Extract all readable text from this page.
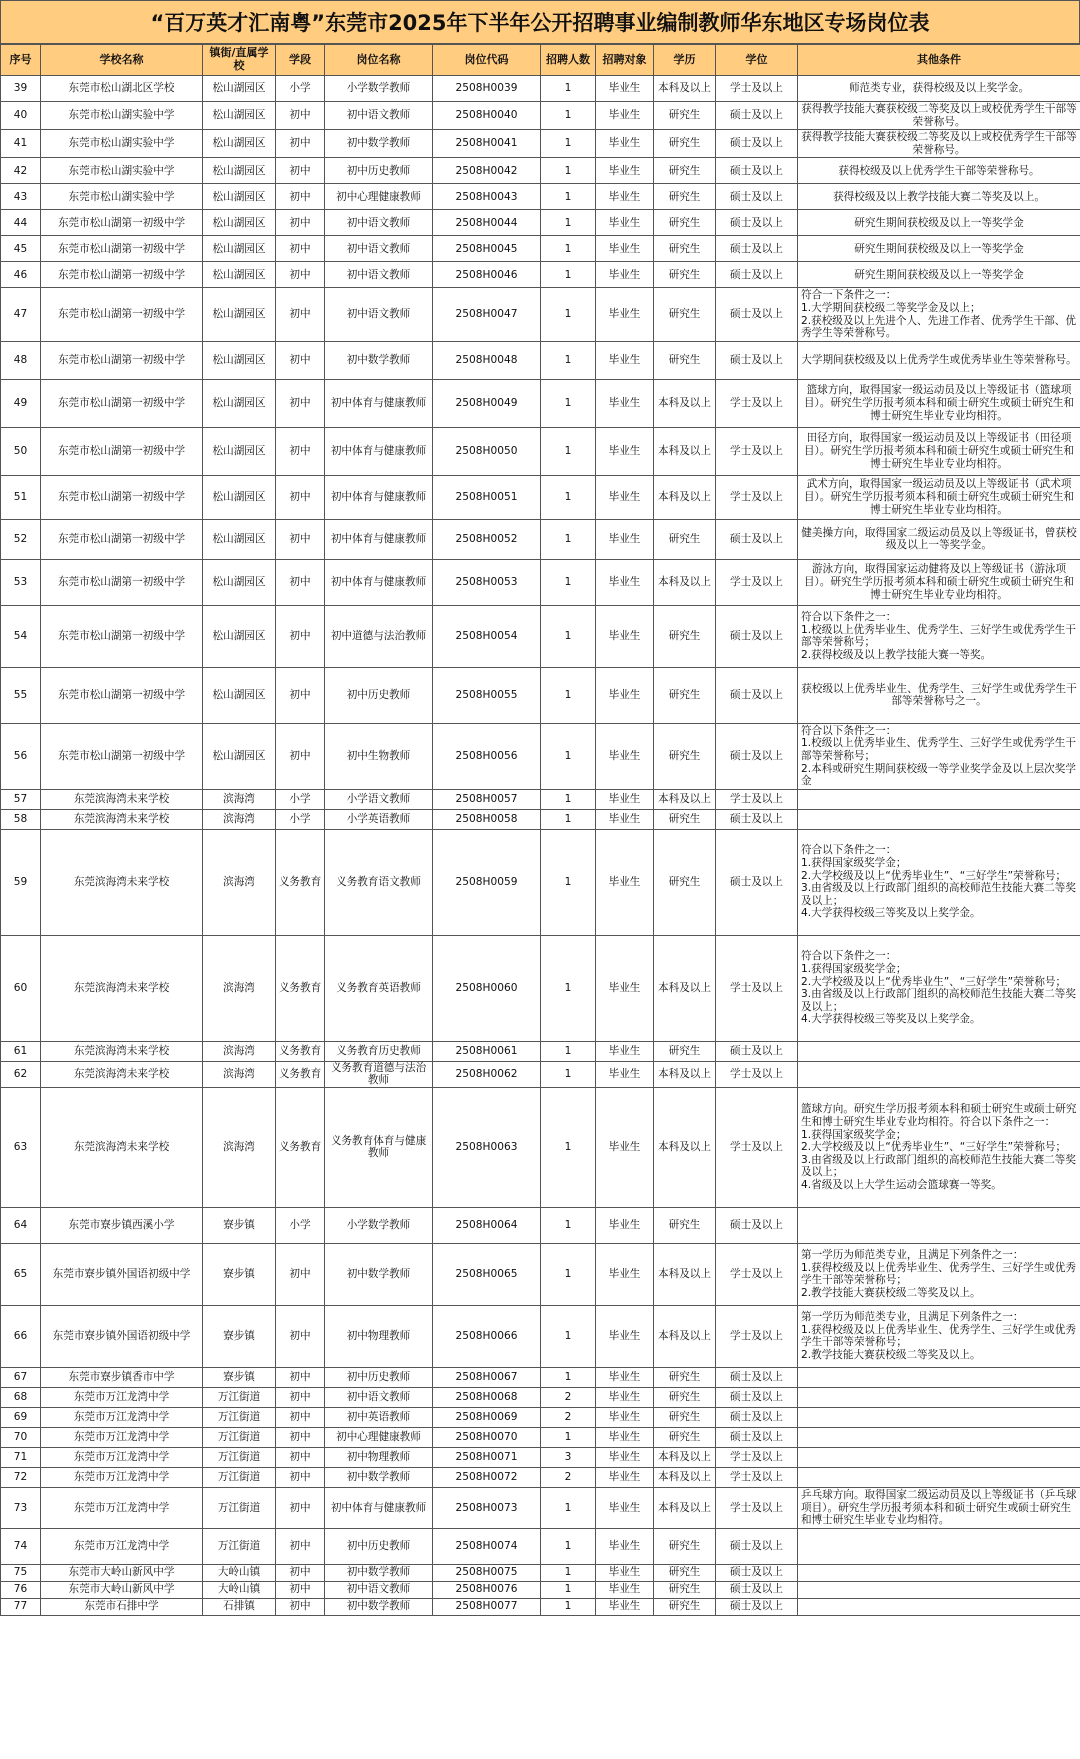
“百万英才汇南粤”东莞市2025年下半年公开招聘事业编制教师华东地区专场岗位表
序号	学校名称	镇街/直属学校	学段	岗位名称	岗位代码	招聘人数	招聘对象	学历	学位	其他条件
39	东莞市松山湖北区学校	松山湖园区	小学	小学数学教师	2508H0039	1	毕业生	本科及以上	学士及以上	师范类专业，获得校级及以上奖学金。
40	东莞市松山湖实验中学	松山湖园区	初中	初中语文教师	2508H0040	1	毕业生	研究生	硕士及以上	获得教学技能大赛获校级二等奖及以上或校优秀学生干部等荣誉称号。
41	东莞市松山湖实验中学	松山湖园区	初中	初中数学教师	2508H0041	1	毕业生	研究生	硕士及以上	获得教学技能大赛获校级二等奖及以上或校优秀学生干部等荣誉称号。
42	东莞市松山湖实验中学	松山湖园区	初中	初中历史教师	2508H0042	1	毕业生	研究生	硕士及以上	获得校级及以上优秀学生干部等荣誉称号。
43	东莞市松山湖实验中学	松山湖园区	初中	初中心理健康教师	2508H0043	1	毕业生	研究生	硕士及以上	获得校级及以上教学技能大赛二等奖及以上。
44	东莞市松山湖第一初级中学	松山湖园区	初中	初中语文教师	2508H0044	1	毕业生	研究生	硕士及以上	研究生期间获校级及以上一等奖学金
45	东莞市松山湖第一初级中学	松山湖园区	初中	初中语文教师	2508H0045	1	毕业生	研究生	硕士及以上	研究生期间获校级及以上一等奖学金
46	东莞市松山湖第一初级中学	松山湖园区	初中	初中语文教师	2508H0046	1	毕业生	研究生	硕士及以上	研究生期间获校级及以上一等奖学金
47	东莞市松山湖第一初级中学	松山湖园区	初中	初中语文教师	2508H0047	1	毕业生	研究生	硕士及以上	符合一下条件之一：
1.大学期间获校级二等奖学金及以上；
2.获校级及以上先进个人、先进工作者、优秀学生干部、优秀学生等荣誉称号。
48	东莞市松山湖第一初级中学	松山湖园区	初中	初中数学教师	2508H0048	1	毕业生	研究生	硕士及以上	大学期间获校级及以上优秀学生或优秀毕业生等荣誉称号。
49	东莞市松山湖第一初级中学	松山湖园区	初中	初中体育与健康教师	2508H0049	1	毕业生	本科及以上	学士及以上	篮球方向，取得国家一级运动员及以上等级证书（篮球项目）。研究生学历报考须本科和硕士研究生或硕士研究生和博士研究生毕业专业均相符。
50	东莞市松山湖第一初级中学	松山湖园区	初中	初中体育与健康教师	2508H0050	1	毕业生	本科及以上	学士及以上	田径方向，取得国家一级运动员及以上等级证书（田径项目）。研究生学历报考须本科和硕士研究生或硕士研究生和博士研究生毕业专业均相符。
51	东莞市松山湖第一初级中学	松山湖园区	初中	初中体育与健康教师	2508H0051	1	毕业生	本科及以上	学士及以上	武术方向，取得国家一级运动员及以上等级证书（武术项目）。研究生学历报考须本科和硕士研究生或硕士研究生和博士研究生毕业专业均相符。
52	东莞市松山湖第一初级中学	松山湖园区	初中	初中体育与健康教师	2508H0052	1	毕业生	研究生	硕士及以上	健美操方向，取得国家二级运动员及以上等级证书，曾获校级及以上一等奖学金。
53	东莞市松山湖第一初级中学	松山湖园区	初中	初中体育与健康教师	2508H0053	1	毕业生	本科及以上	学士及以上	游泳方向，取得国家运动健将及以上等级证书（游泳项目）。研究生学历报考须本科和硕士研究生或硕士研究生和博士研究生毕业专业均相符。
54	东莞市松山湖第一初级中学	松山湖园区	初中	初中道德与法治教师	2508H0054	1	毕业生	研究生	硕士及以上	符合以下条件之一：
1.校级以上优秀毕业生、优秀学生、三好学生或优秀学生干部等荣誉称号；
2.获得校级及以上教学技能大赛一等奖。
55	东莞市松山湖第一初级中学	松山湖园区	初中	初中历史教师	2508H0055	1	毕业生	研究生	硕士及以上	获校级以上优秀毕业生、优秀学生、三好学生或优秀学生干部等荣誉称号之一。
56	东莞市松山湖第一初级中学	松山湖园区	初中	初中生物教师	2508H0056	1	毕业生	研究生	硕士及以上	符合以下条件之一：
1.校级以上优秀毕业生、优秀学生、三好学生或优秀学生干部等荣誉称号；
2.本科或研究生期间获校级一等学业奖学金及以上层次奖学金
57	东莞滨海湾未来学校	滨海湾	小学	小学语文教师	2508H0057	1	毕业生	本科及以上	学士及以上	
58	东莞滨海湾未来学校	滨海湾	小学	小学英语教师	2508H0058	1	毕业生	研究生	硕士及以上	
59	东莞滨海湾未来学校	滨海湾	义务教育	义务教育语文教师	2508H0059	1	毕业生	研究生	硕士及以上	符合以下条件之一：
1.获得国家级奖学金；
2.大学校级及以上“优秀毕业生”、“三好学生”荣誉称号；
3.由省级及以上行政部门组织的高校师范生技能大赛二等奖及以上；
4.大学获得校级三等奖及以上奖学金。
60	东莞滨海湾未来学校	滨海湾	义务教育	义务教育英语教师	2508H0060	1	毕业生	本科及以上	学士及以上	符合以下条件之一：
1.获得国家级奖学金；
2.大学校级及以上“优秀毕业生”、“三好学生”荣誉称号；
3.由省级及以上行政部门组织的高校师范生技能大赛二等奖及以上；
4.大学获得校级三等奖及以上奖学金。
61	东莞滨海湾未来学校	滨海湾	义务教育	义务教育历史教师	2508H0061	1	毕业生	研究生	硕士及以上	
62	东莞滨海湾未来学校	滨海湾	义务教育	义务教育道德与法治教师	2508H0062	1	毕业生	本科及以上	学士及以上	
63	东莞滨海湾未来学校	滨海湾	义务教育	义务教育体育与健康教师	2508H0063	1	毕业生	本科及以上	学士及以上	篮球方向。研究生学历报考须本科和硕士研究生或硕士研究生和博士研究生毕业专业均相符。符合以下条件之一：
1.获得国家级奖学金；
2.大学校级及以上“优秀毕业生”、“三好学生”荣誉称号；
3.由省级及以上行政部门组织的高校师范生技能大赛二等奖及以上；
4.省级及以上大学生运动会篮球赛一等奖。
64	东莞市寮步镇西溪小学	寮步镇	小学	小学数学教师	2508H0064	1	毕业生	研究生	硕士及以上	
65	东莞市寮步镇外国语初级中学	寮步镇	初中	初中数学教师	2508H0065	1	毕业生	本科及以上	学士及以上	第一学历为师范类专业，且满足下列条件之一：
1.获得校级及以上优秀毕业生、优秀学生、三好学生或优秀学生干部等荣誉称号；
2.教学技能大赛获校级二等奖及以上。
66	东莞市寮步镇外国语初级中学	寮步镇	初中	初中物理教师	2508H0066	1	毕业生	本科及以上	学士及以上	第一学历为师范类专业，且满足下列条件之一：
1.获得校级及以上优秀毕业生、优秀学生、三好学生或优秀学生干部等荣誉称号；
2.教学技能大赛获校级二等奖及以上。
67	东莞市寮步镇香市中学	寮步镇	初中	初中历史教师	2508H0067	1	毕业生	研究生	硕士及以上	
68	东莞市万江龙湾中学	万江街道	初中	初中语文教师	2508H0068	2	毕业生	研究生	硕士及以上	
69	东莞市万江龙湾中学	万江街道	初中	初中英语教师	2508H0069	2	毕业生	研究生	硕士及以上	
70	东莞市万江龙湾中学	万江街道	初中	初中心理健康教师	2508H0070	1	毕业生	研究生	硕士及以上	
71	东莞市万江龙湾中学	万江街道	初中	初中物理教师	2508H0071	3	毕业生	本科及以上	学士及以上	
72	东莞市万江龙湾中学	万江街道	初中	初中数学教师	2508H0072	2	毕业生	本科及以上	学士及以上	
73	东莞市万江龙湾中学	万江街道	初中	初中体育与健康教师	2508H0073	1	毕业生	本科及以上	学士及以上	乒乓球方向。取得国家二级运动员及以上等级证书（乒乓球项目）。研究生学历报考须本科和硕士研究生或硕士研究生和博士研究生毕业专业均相符。
74	东莞市万江龙湾中学	万江街道	初中	初中历史教师	2508H0074	1	毕业生	研究生	硕士及以上	
75	东莞市大岭山新风中学	大岭山镇	初中	初中数学教师	2508H0075	1	毕业生	研究生	硕士及以上	
76	东莞市大岭山新风中学	大岭山镇	初中	初中语文教师	2508H0076	1	毕业生	研究生	硕士及以上	
77	东莞市石排中学	石排镇	初中	初中数学教师	2508H0077	1	毕业生	研究生	硕士及以上	
